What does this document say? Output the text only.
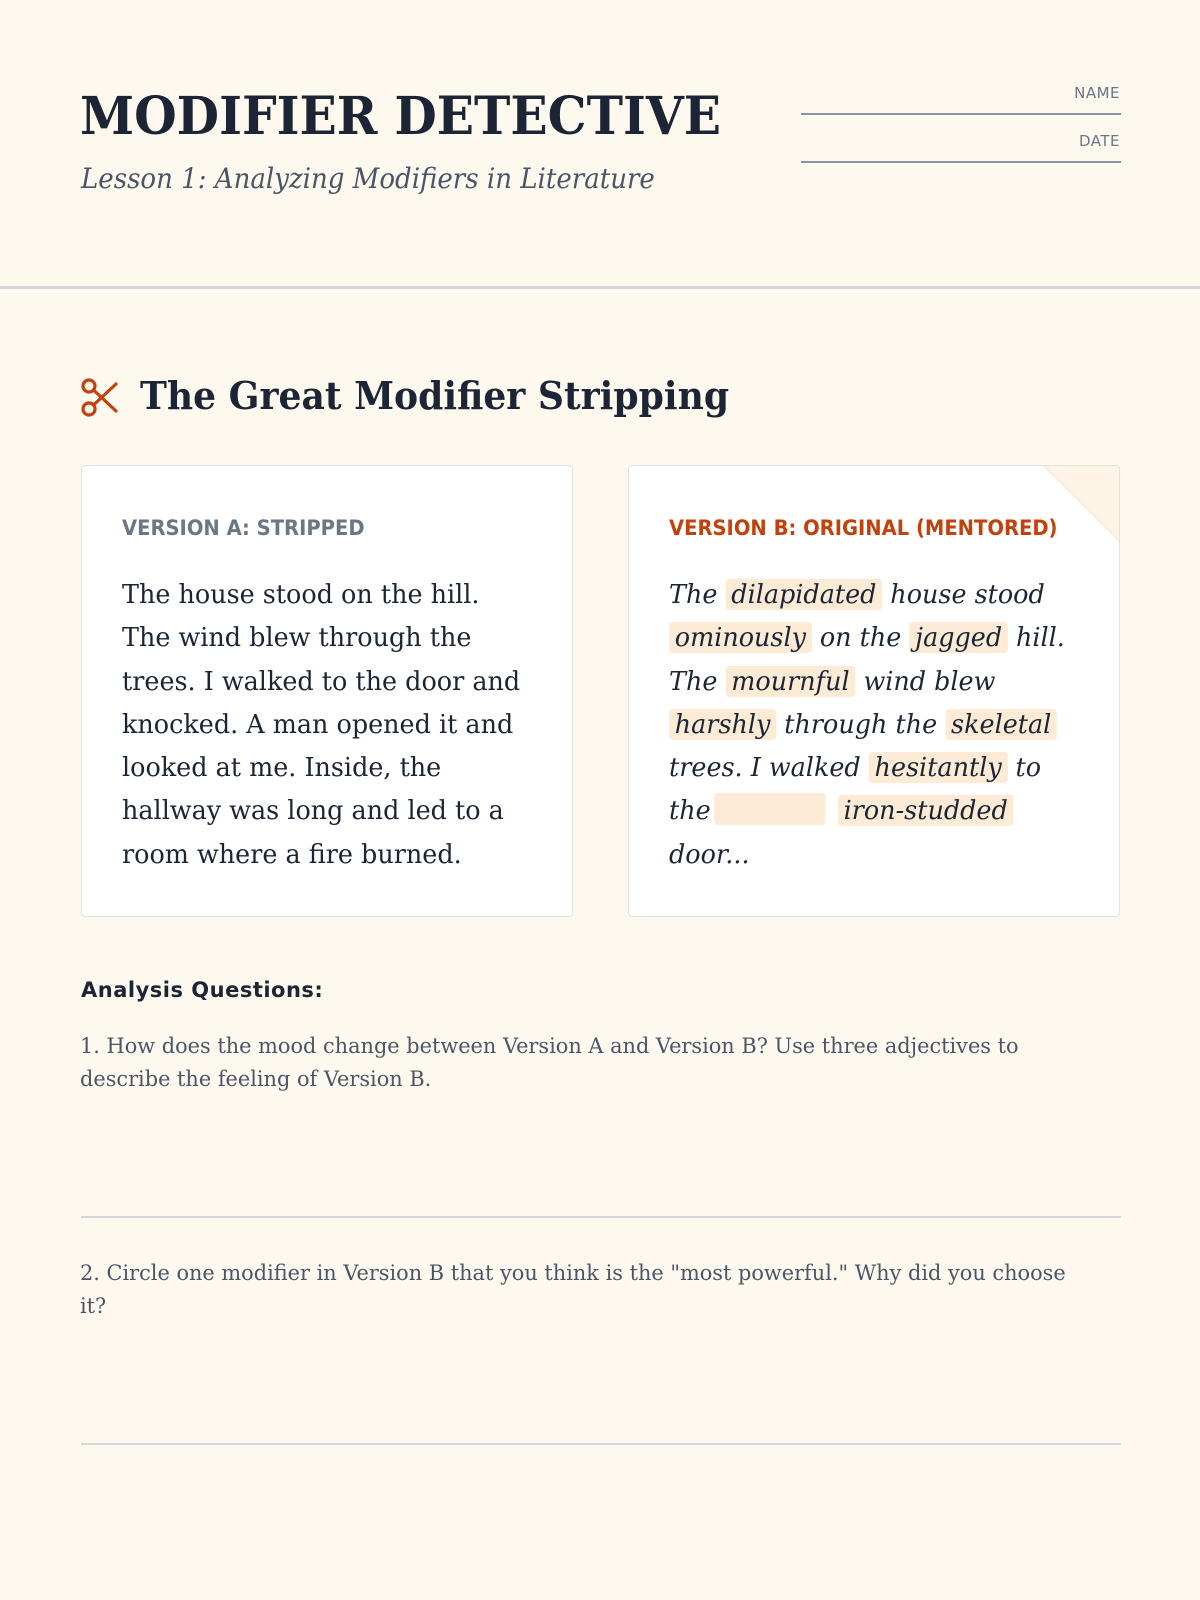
MODIFIER DETECTIVE
Lesson 1: Analyzing Modifiers in Literature
NAME
DATE
The Great Modifier Stripping
VERSION A: STRIPPED
The house stood on the hill.
The wind blew through the
trees. I walked to the door and
knocked. A man opened it and
looked at me. Inside, the
hallway was long and led to a
room where a fire burned.
VERSION B: ORIGINAL (MENTORED)
The dilapidated house stood
ominously on the jagged hill.
The mournful wind blew
harshly through the skeletal
trees. I walked hesitantly to
the	iron-studded
door...
Analysis Questions:
1. How does the mood change between Version A and Version B? Use three adjectives to describe the feeling of Version B.
2. Circle one modifier in Version B that you think is the "most powerful." Why did you choose it?
